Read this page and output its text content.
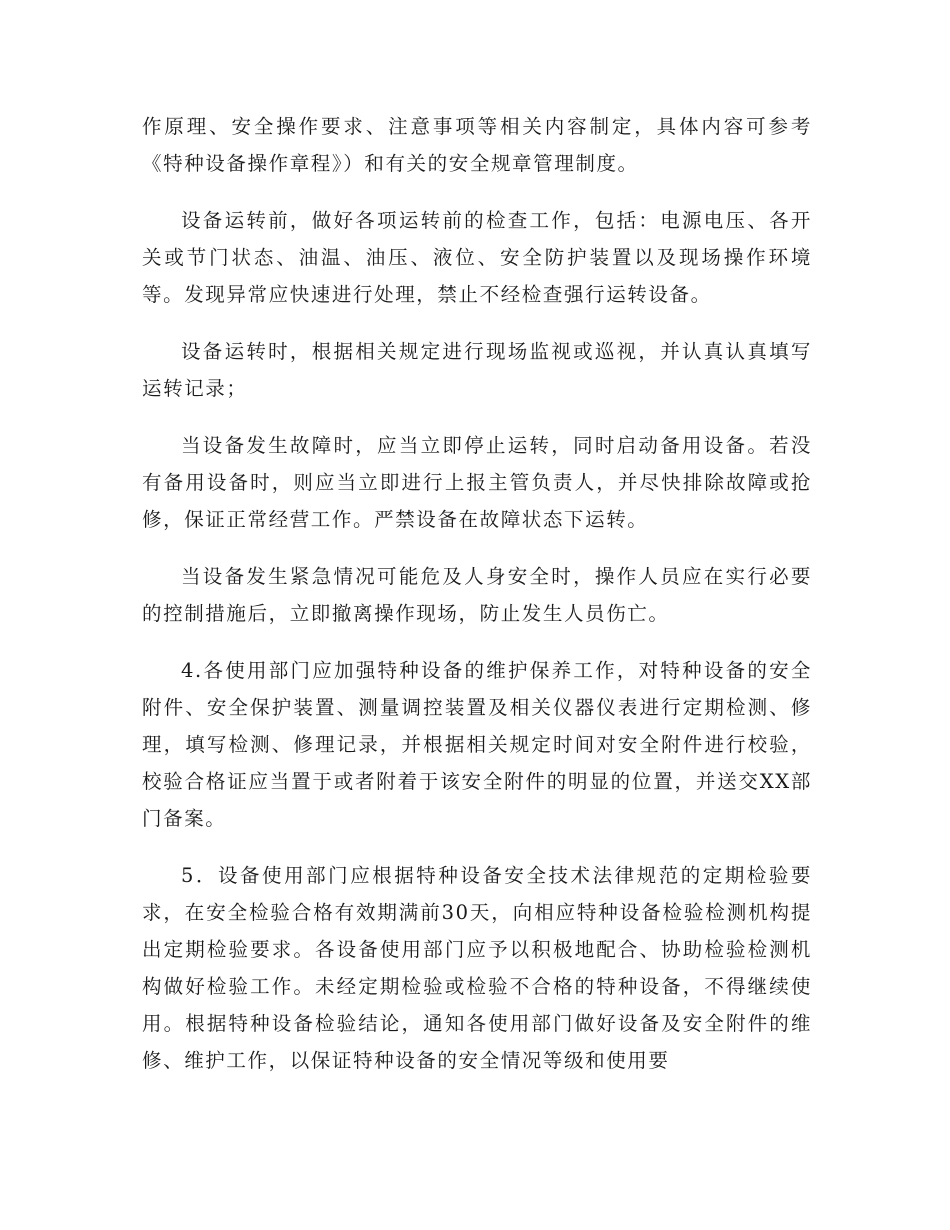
作原理、安全操作要求、注意事项等相关内容制定，具体内容可参考《特种设备操作章程》）和有关的安全规章管理制度。

设备运转前，做好各项运转前的检查工作，包括：电源电压、各开关或节门状态、油温、油压、液位、安全防护装置以及现场操作环境等。发现异常应快速进行处理，禁止不经检查强行运转设备。

设备运转时，根据相关规定进行现场监视或巡视，并认真认真填写运转记录；

当设备发生故障时，应当立即停止运转，同时启动备用设备。若没有备用设备时，则应当立即进行上报主管负责人，并尽快排除故障或抢修，保证正常经营工作。严禁设备在故障状态下运转。

当设备发生紧急情况可能危及人身安全时，操作人员应在实行必要的控制措施后，立即撤离操作现场，防止发生人员伤亡。

4.各使用部门应加强特种设备的维护保养工作，对特种设备的安全附件、安全保护装置、测量调控装置及相关仪器仪表进行定期检测、修理，填写检测、修理记录，并根据相关规定时间对安全附件进行校验，校验合格证应当置于或者附着于该安全附件的明显的位置，并送交XX部门备案。

5．设备使用部门应根据特种设备安全技术法律规范的定期检验要求，在安全检验合格有效期满前30天，向相应特种设备检验检测机构提出定期检验要求。各设备使用部门应予以积极地配合、协助检验检测机构做好检验工作。未经定期检验或检验不合格的特种设备，不得继续使用。根据特种设备检验结论，通知各使用部门做好设备及安全附件的维修、维护工作，以保证特种设备的安全情况等级和使用要
